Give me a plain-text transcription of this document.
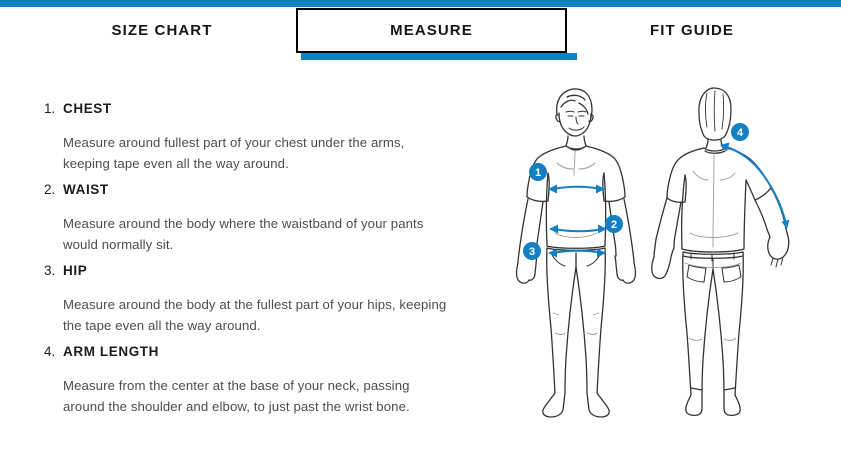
SIZE CHART	MEASURE	FIT GUIDE
1. CHEST
Measure around fullest part of your chest under the arms,
keeping tape even all the way around.
2. WAIST
Measure around the body where the waistband of your pants
would normally sit.
3. HIP
Measure around the body at the fullest part of your hips, keeping
the tape even all the way around.
4. ARM LENGTH
Measure from the center at the base of your neck, passing
around the shoulder and elbow, to just past the wrist bone.
1
2
3
4
